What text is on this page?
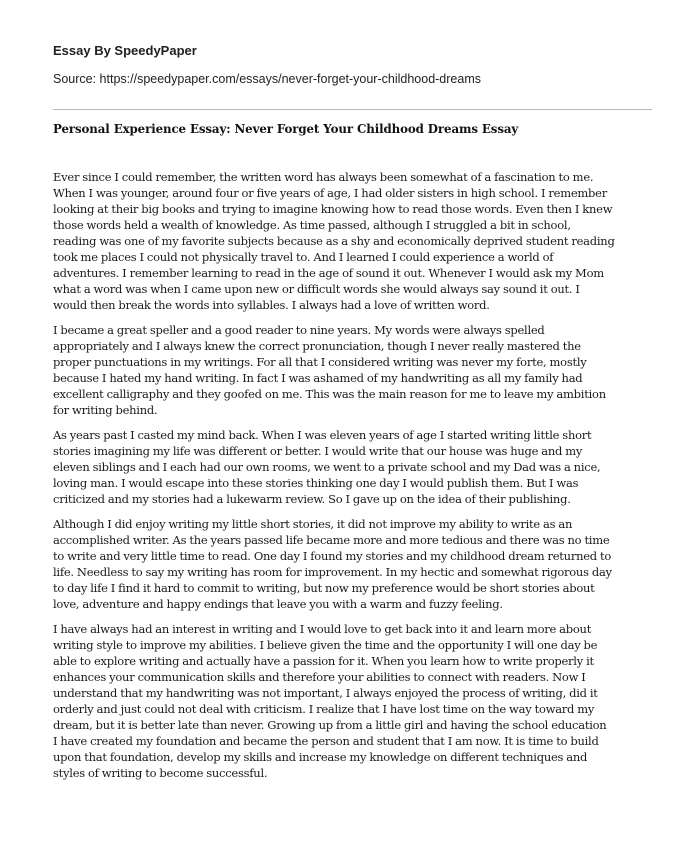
Essay By SpeedyPaper
Source: https://speedypaper.com/essays/never-forget-your-childhood-dreams
Personal Experience Essay: Never Forget Your Childhood Dreams Essay
Ever since I could remember, the written word has always been somewhat of a fascination to me.
When I was younger, around four or five years of age, I had older sisters in high school. I remember
looking at their big books and trying to imagine knowing how to read those words. Even then I knew
those words held a wealth of knowledge. As time passed, although I struggled a bit in school,
reading was one of my favorite subjects because as a shy and economically deprived student reading
took me places I could not physically travel to. And I learned I could experience a world of
adventures. I remember learning to read in the age of sound it out. Whenever I would ask my Mom
what a word was when I came upon new or difficult words she would always say sound it out. I
would then break the words into syllables. I always had a love of written word.
I became a great speller and a good reader to nine years. My words were always spelled
appropriately and I always knew the correct pronunciation, though I never really mastered the
proper punctuations in my writings. For all that I considered writing was never my forte, mostly
because I hated my hand writing. In fact I was ashamed of my handwriting as all my family had
excellent calligraphy and they goofed on me. This was the main reason for me to leave my ambition
for writing behind.
As years past I casted my mind back. When I was eleven years of age I started writing little short
stories imagining my life was different or better. I would write that our house was huge and my
eleven siblings and I each had our own rooms, we went to a private school and my Dad was a nice,
loving man. I would escape into these stories thinking one day I would publish them. But I was
criticized and my stories had a lukewarm review. So I gave up on the idea of their publishing.
Although I did enjoy writing my little short stories, it did not improve my ability to write as an
accomplished writer. As the years passed life became more and more tedious and there was no time
to write and very little time to read. One day I found my stories and my childhood dream returned to
life. Needless to say my writing has room for improvement. In my hectic and somewhat rigorous day
to day life I find it hard to commit to writing, but now my preference would be short stories about
love, adventure and happy endings that leave you with a warm and fuzzy feeling.
I have always had an interest in writing and I would love to get back into it and learn more about
writing style to improve my abilities. I believe given the time and the opportunity I will one day be
able to explore writing and actually have a passion for it. When you learn how to write properly it
enhances your communication skills and therefore your abilities to connect with readers. Now I
understand that my handwriting was not important, I always enjoyed the process of writing, did it
orderly and just could not deal with criticism. I realize that I have lost time on the way toward my
dream, but it is better late than never. Growing up from a little girl and having the school education
I have created my foundation and became the person and student that I am now. It is time to build
upon that foundation, develop my skills and increase my knowledge on different techniques and
styles of writing to become successful.
